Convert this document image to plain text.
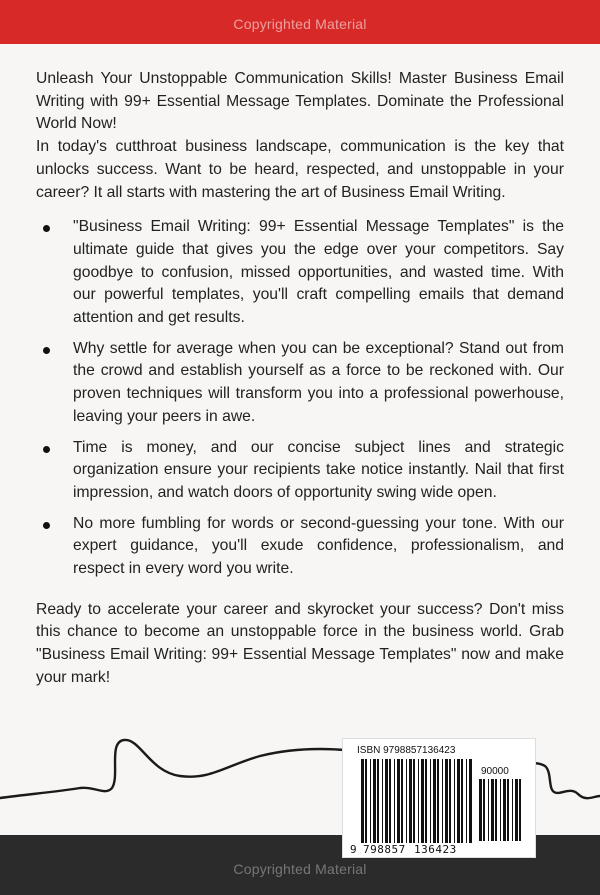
Copyrighted Material

Unleash Your Unstoppable Communication Skills! Master Business Email Writing with 99+ Essential Message Templates. Dominate the Professional World Now!

In today's cutthroat business landscape, communication is the key that unlocks success. Want to be heard, respected, and unstoppable in your career? It all starts with mastering the art of Business Email Writing.

"Business Email Writing: 99+ Essential Message Templates" is the ultimate guide that gives you the edge over your competitors. Say goodbye to confusion, missed opportunities, and wasted time. With our powerful templates, you'll craft compelling emails that demand attention and get results.
Why settle for average when you can be exceptional? Stand out from the crowd and establish yourself as a force to be reckoned with. Our proven techniques will transform you into a professional powerhouse, leaving your peers in awe.
Time is money, and our concise subject lines and strategic organization ensure your recipients take notice instantly. Nail that first impression, and watch doors of opportunity swing wide open.
No more fumbling for words or second-guessing your tone. With our expert guidance, you'll exude confidence, professionalism, and respect in every word you write.

Ready to accelerate your career and skyrocket your success? Don't miss this chance to become an unstoppable force in the business world. Grab "Business Email Writing: 99+ Essential Message Templates" now and make your mark!

Copyrighted Material
ISBN 9798857136423
90000
9 798857 136423
